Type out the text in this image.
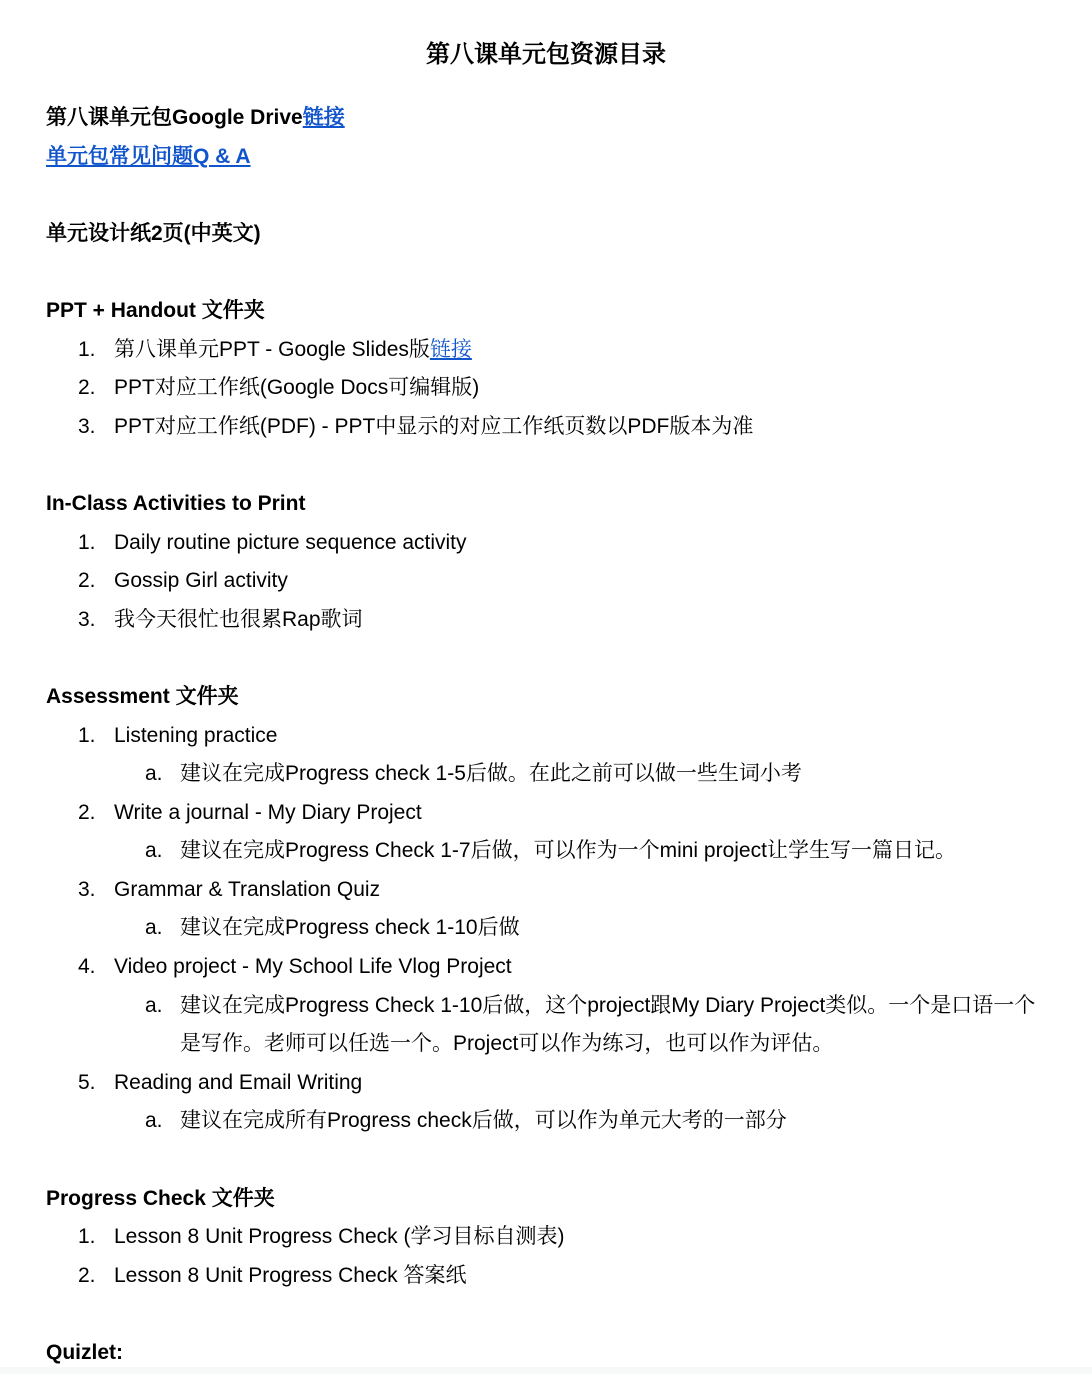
第八课单元包资源目录
第八课单元包Google Drive链接
单元包常见问题Q & A
单元设计纸2页(中英文)
PPT + Handout 文件夹
1. 第八课单元PPT - Google Slides版链接
2. PPT对应工作纸(Google Docs可编辑版)
3. PPT对应工作纸(PDF) - PPT中显示的对应工作纸页数以PDF版本为准
In-Class Activities to Print
1. Daily routine picture sequence activity
2. Gossip Girl activity
3. 我今天很忙也很累Rap歌词
Assessment 文件夹
1. Listening practice
a. 建议在完成Progress check 1-5后做。在此之前可以做一些生词小考
2. Write a journal - My Diary Project
a. 建议在完成Progress Check 1-7后做，可以作为一个mini project让学生写一篇日记。
3. Grammar & Translation Quiz
a. 建议在完成Progress check 1-10后做
4. Video project - My School Life Vlog Project
a. 建议在完成Progress Check 1-10后做，这个project跟My Diary Project类似。一个是口语一个是写作。老师可以任选一个。Project可以作为练习，也可以作为评估。
5. Reading and Email Writing
a. 建议在完成所有Progress check后做，可以作为单元大考的一部分
Progress Check 文件夹
1. Lesson 8 Unit Progress Check (学习目标自测表)
2. Lesson 8 Unit Progress Check 答案纸
Quizlet:
